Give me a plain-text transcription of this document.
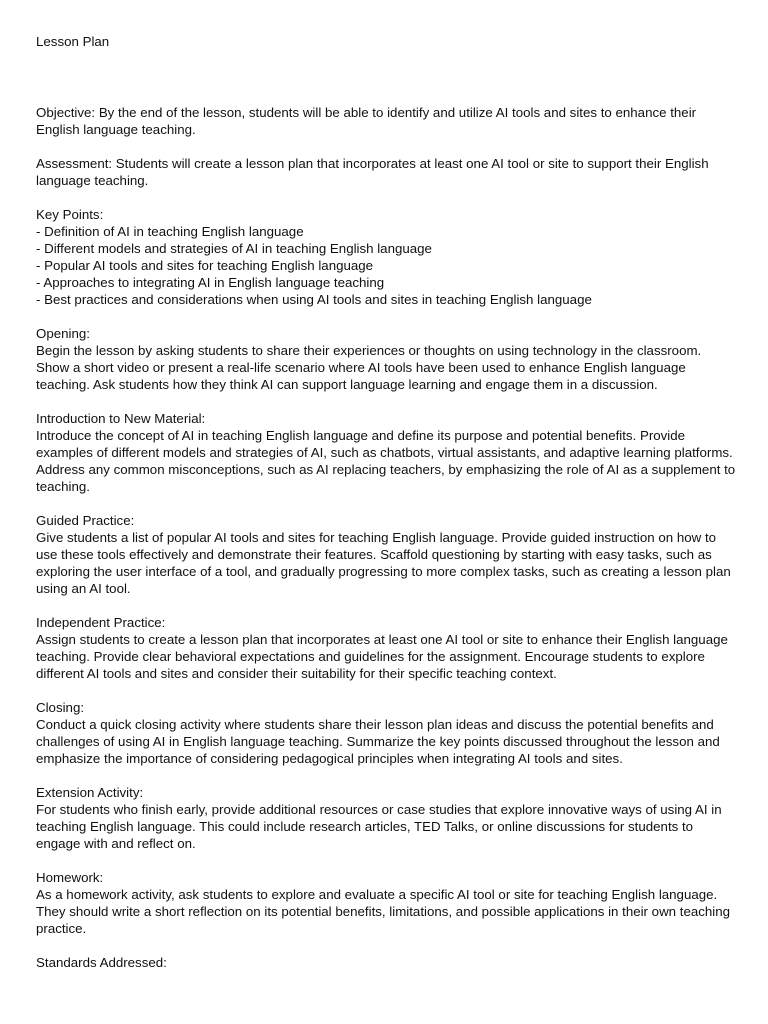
Lesson Plan
Objective: By the end of the lesson, students will be able to identify and utilize AI tools and sites to enhance their English language teaching.
Assessment: Students will create a lesson plan that incorporates at least one AI tool or site to support their English language teaching.
Key Points:
- Definition of AI in teaching English language
- Different models and strategies of AI in teaching English language
- Popular AI tools and sites for teaching English language
- Approaches to integrating AI in English language teaching
- Best practices and considerations when using AI tools and sites in teaching English language
Opening:
Begin the lesson by asking students to share their experiences or thoughts on using technology in the classroom. Show a short video or present a real-life scenario where AI tools have been used to enhance English language teaching. Ask students how they think AI can support language learning and engage them in a discussion.
Introduction to New Material:
Introduce the concept of AI in teaching English language and define its purpose and potential benefits. Provide examples of different models and strategies of AI, such as chatbots, virtual assistants, and adaptive learning platforms. Address any common misconceptions, such as AI replacing teachers, by emphasizing the role of AI as a supplement to teaching.
Guided Practice:
Give students a list of popular AI tools and sites for teaching English language. Provide guided instruction on how to use these tools effectively and demonstrate their features. Scaffold questioning by starting with easy tasks, such as exploring the user interface of a tool, and gradually progressing to more complex tasks, such as creating a lesson plan using an AI tool.
Independent Practice:
Assign students to create a lesson plan that incorporates at least one AI tool or site to enhance their English language teaching. Provide clear behavioral expectations and guidelines for the assignment. Encourage students to explore different AI tools and sites and consider their suitability for their specific teaching context.
Closing:
Conduct a quick closing activity where students share their lesson plan ideas and discuss the potential benefits and challenges of using AI in English language teaching. Summarize the key points discussed throughout the lesson and emphasize the importance of considering pedagogical principles when integrating AI tools and sites.
Extension Activity:
For students who finish early, provide additional resources or case studies that explore innovative ways of using AI in teaching English language. This could include research articles, TED Talks, or online discussions for students to engage with and reflect on.
Homework:
As a homework activity, ask students to explore and evaluate a specific AI tool or site for teaching English language. They should write a short reflection on its potential benefits, limitations, and possible applications in their own teaching practice.
Standards Addressed:
